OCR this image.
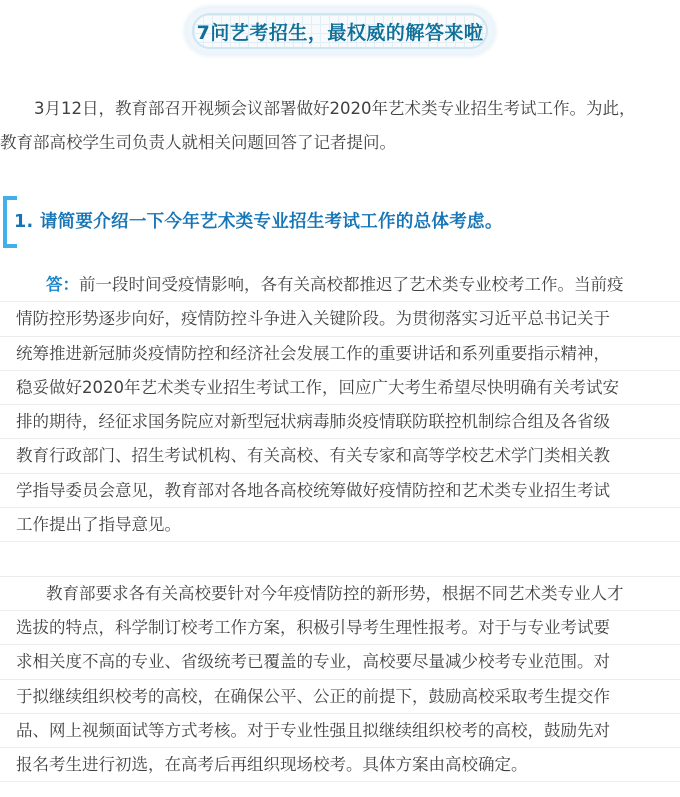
7问艺考招生，最权威的解答来啦
3月12日，教育部召开视频会议部署做好2020年艺术类专业招生考试工作。为此，
教育部高校学生司负责人就相关问题回答了记者提问。
1. 请简要介绍一下今年艺术类专业招生考试工作的总体考虑。
答：前一段时间受疫情影响，各有关高校都推迟了艺术类专业校考工作。当前疫
情防控形势逐步向好，疫情防控斗争进入关键阶段。为贯彻落实习近平总书记关于
统筹推进新冠肺炎疫情防控和经济社会发展工作的重要讲话和系列重要指示精神，
稳妥做好2020年艺术类专业招生考试工作，回应广大考生希望尽快明确有关考试安
排的期待，经征求国务院应对新型冠状病毒肺炎疫情联防联控机制综合组及各省级
教育行政部门、招生考试机构、有关高校、有关专家和高等学校艺术学门类相关教
学指导委员会意见，教育部对各地各高校统筹做好疫情防控和艺术类专业招生考试
工作提出了指导意见。
教育部要求各有关高校要针对今年疫情防控的新形势，根据不同艺术类专业人才
选拔的特点，科学制订校考工作方案，积极引导考生理性报考。对于与专业考试要
求相关度不高的专业、省级统考已覆盖的专业，高校要尽量减少校考专业范围。对
于拟继续组织校考的高校，在确保公平、公正的前提下，鼓励高校采取考生提交作
品、网上视频面试等方式考核。对于专业性强且拟继续组织校考的高校，鼓励先对
报名考生进行初选，在高考后再组织现场校考。具体方案由高校确定。
